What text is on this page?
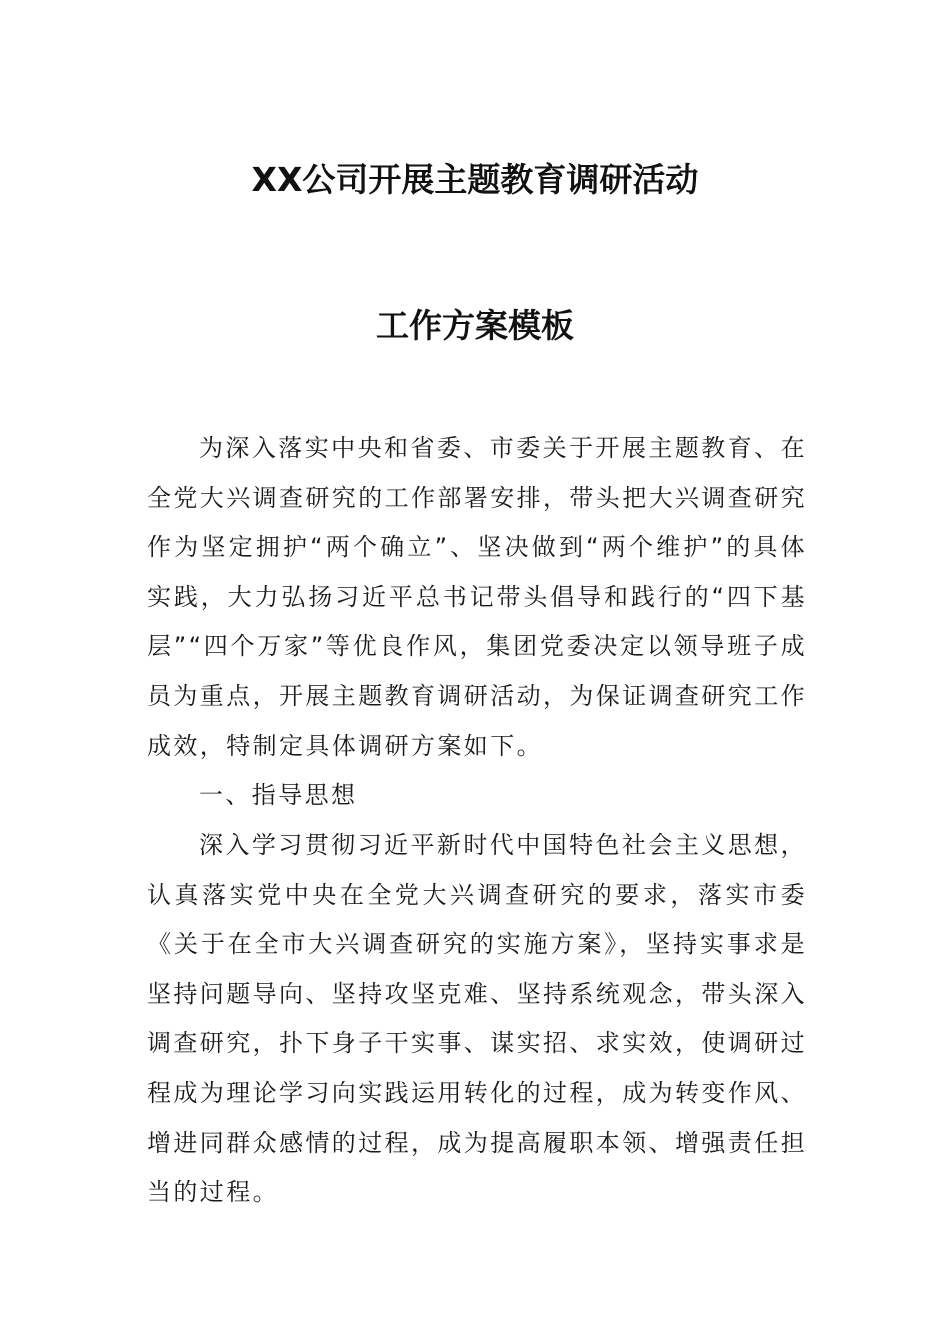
XX公司开展主题教育调研活动
工作方案模板

为深入落实中央和省委、市委关于开展主题教育、在全党大兴调查研究的工作部署安排，带头把大兴调查研究作为坚定拥护“两个确立”、坚决做到“两个维护”的具体实践，大力弘扬习近平总书记带头倡导和践行的“四下基层”“四个万家”等优良作风，集团党委决定以领导班子成员为重点，开展主题教育调研活动，为保证调查研究工作成效，特制定具体调研方案如下。

一、指导思想

深入学习贯彻习近平新时代中国特色社会主义思想，认真落实党中央在全党大兴调查研究的要求，落实市委《关于在全市大兴调查研究的实施方案》，坚持实事求是坚持问题导向、坚持攻坚克难、坚持系统观念，带头深入调查研究，扑下身子干实事、谋实招、求实效，使调研过程成为理论学习向实践运用转化的过程，成为转变作风、增进同群众感情的过程，成为提高履职本领、增强责任担当的过程。
